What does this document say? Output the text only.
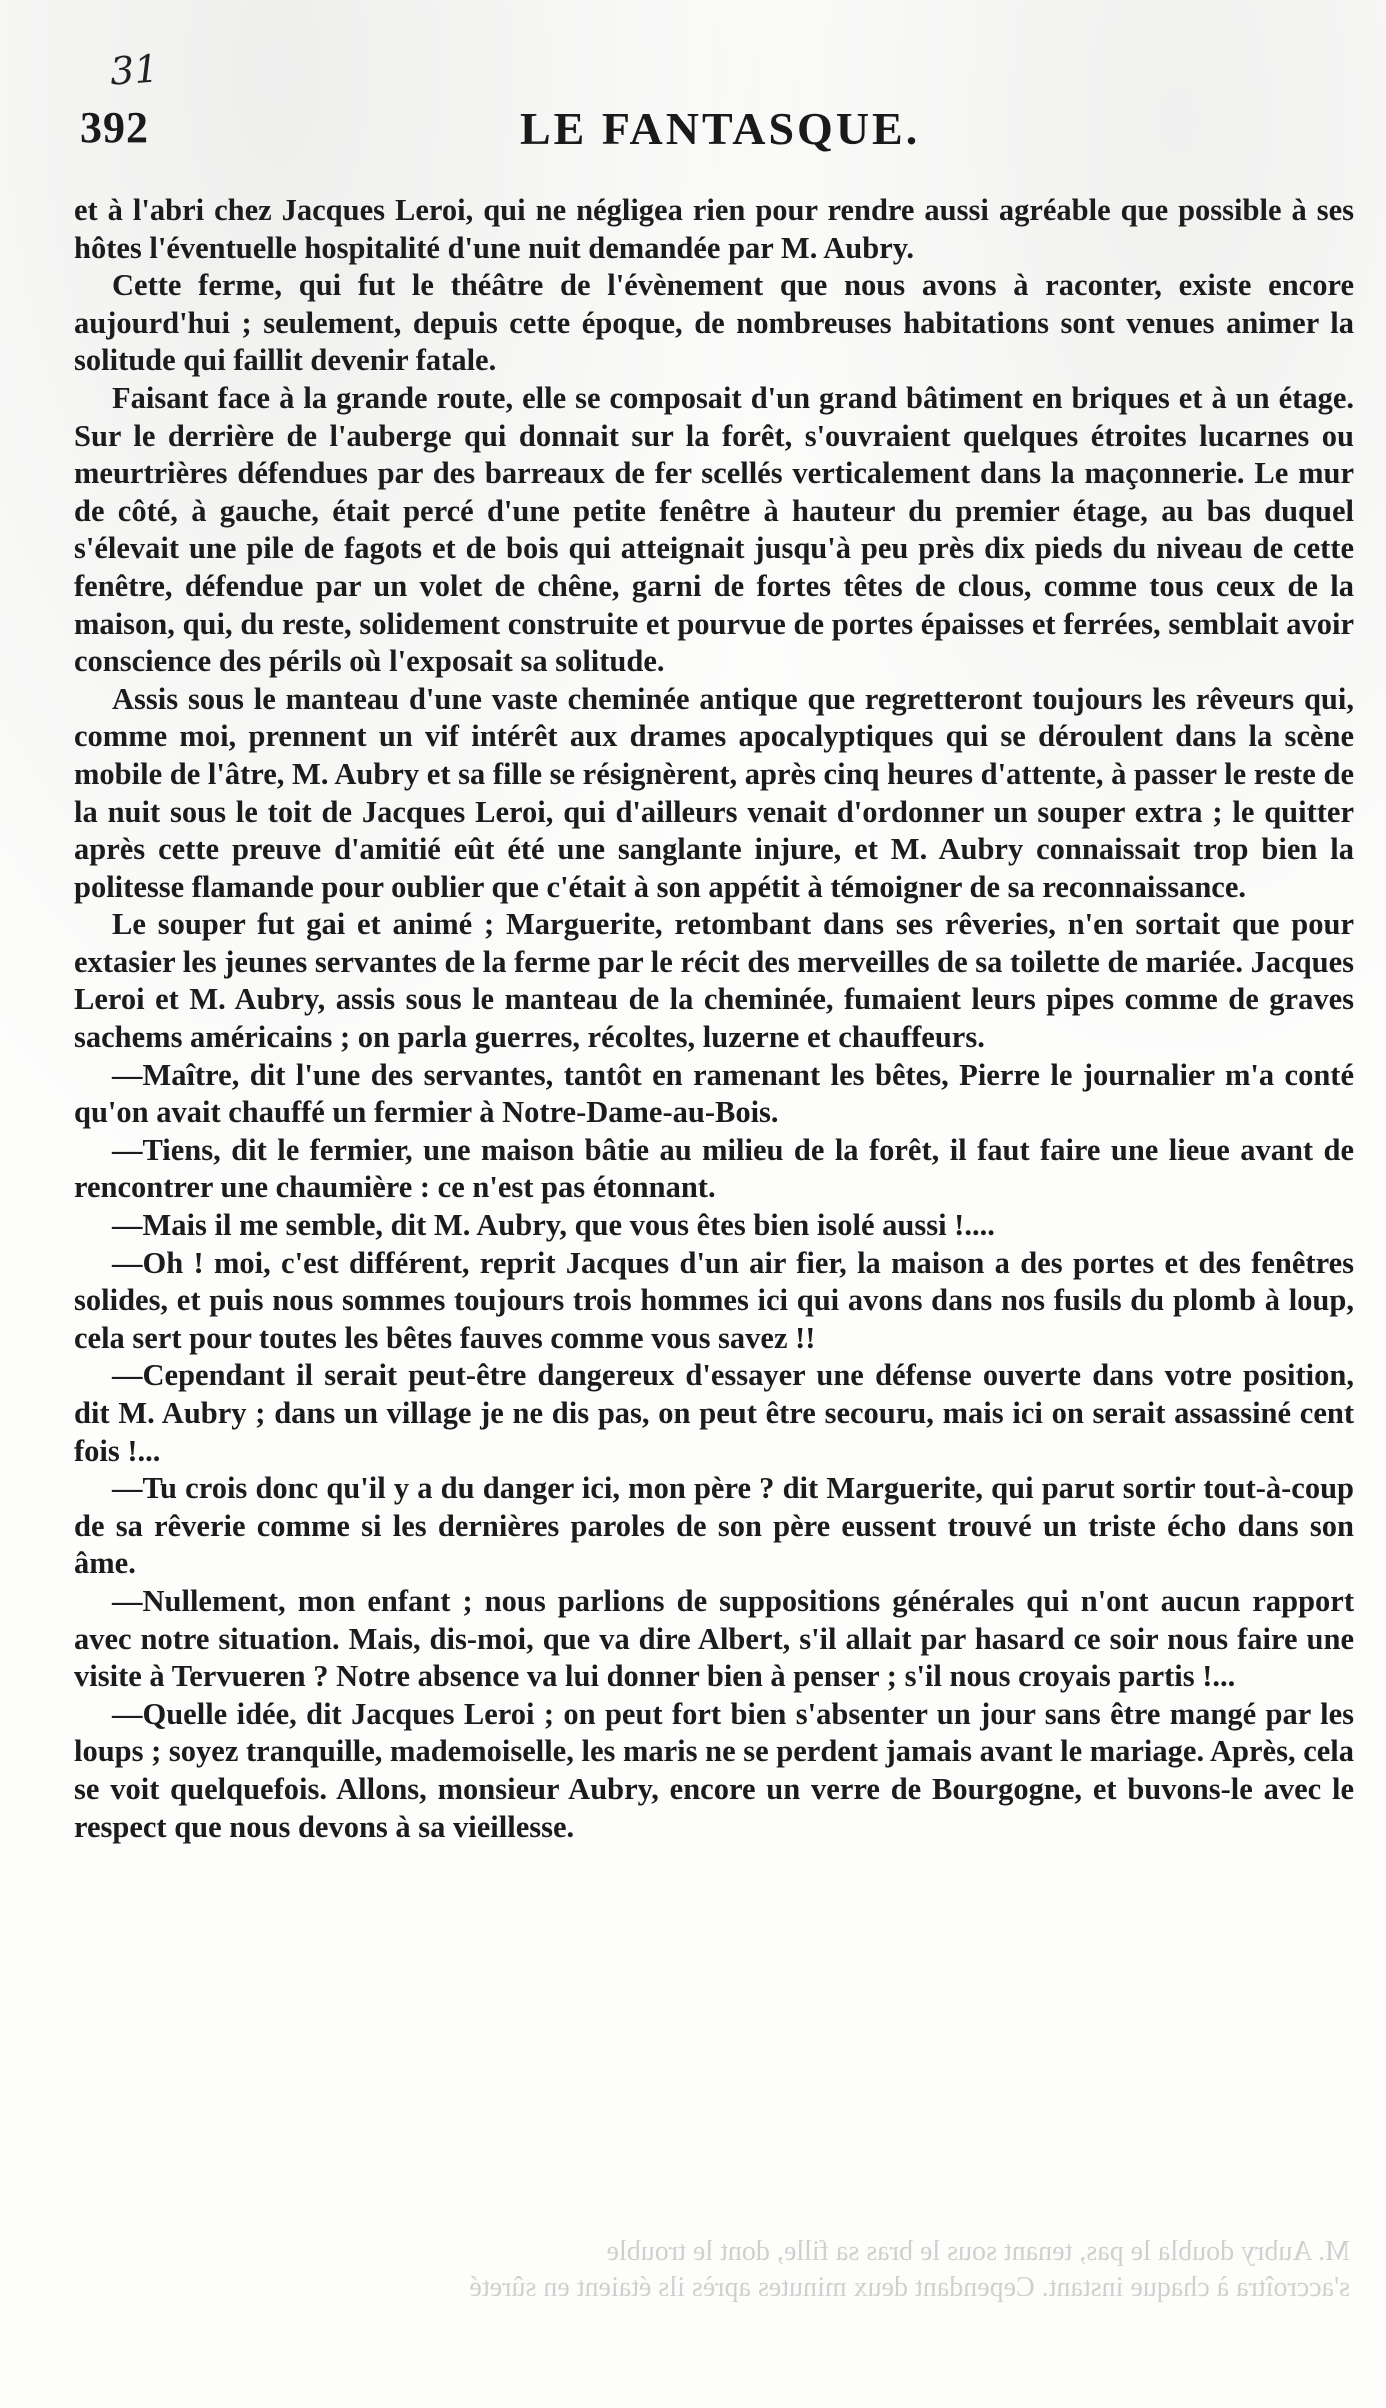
31
392	LE FANTASQUE.

et à l'abri chez Jacques Leroi, qui ne négligea rien pour rendre aussi agréable que possible à ses hôtes l'éventuelle hospitalité d'une nuit demandée par M. Aubry.

Cette ferme, qui fut le théâtre de l'évènement que nous avons à raconter, existe encore aujourd'hui ; seulement, depuis cette époque, de nombreuses habitations sont venues animer la solitude qui faillit devenir fatale.

Faisant face à la grande route, elle se composait d'un grand bâtiment en briques et à un étage. Sur le derrière de l'auberge qui donnait sur la forêt, s'ouvraient quelques étroites lucarnes ou meurtrières défendues par des barreaux de fer scellés verticalement dans la maçonnerie. Le mur de côté, à gauche, était percé d'une petite fenêtre à hauteur du premier étage, au bas duquel s'élevait une pile de fagots et de bois qui atteignait jusqu'à peu près dix pieds du niveau de cette fenêtre, défendue par un volet de chêne, garni de fortes têtes de clous, comme tous ceux de la maison, qui, du reste, solidement construite et pourvue de portes épaisses et ferrées, semblait avoir conscience des périls où l'exposait sa solitude.

Assis sous le manteau d'une vaste cheminée antique que regretteront toujours les rêveurs qui, comme moi, prennent un vif intérêt aux drames apocalyptiques qui se déroulent dans la scène mobile de l'âtre, M. Aubry et sa fille se résignèrent, après cinq heures d'attente, à passer le reste de la nuit sous le toit de Jacques Leroi, qui d'ailleurs venait d'ordonner un souper extra ; le quitter après cette preuve d'amitié eût été une sanglante injure, et M. Aubry connaissait trop bien la politesse flamande pour oublier que c'était à son appétit à témoigner de sa reconnaissance.

Le souper fut gai et animé ; Marguerite, retombant dans ses rêveries, n'en sortait que pour extasier les jeunes servantes de la ferme par le récit des merveilles de sa toilette de mariée. Jacques Leroi et M. Aubry, assis sous le manteau de la cheminée, fumaient leurs pipes comme de graves sachems américains ; on parla guerres, récoltes, luzerne et chauffeurs.

—Maître, dit l'une des servantes, tantôt en ramenant les bêtes, Pierre le journalier m'a conté qu'on avait chauffé un fermier à Notre-Dame-au-Bois.

—Tiens, dit le fermier, une maison bâtie au milieu de la forêt, il faut faire une lieue avant de rencontrer une chaumière : ce n'est pas étonnant.

—Mais il me semble, dit M. Aubry, que vous êtes bien isolé aussi !....

—Oh ! moi, c'est différent, reprit Jacques d'un air fier, la maison a des portes et des fenêtres solides, et puis nous sommes toujours trois hommes ici qui avons dans nos fusils du plomb à loup, cela sert pour toutes les bêtes fauves comme vous savez !!

—Cependant il serait peut-être dangereux d'essayer une défense ouverte dans votre position, dit M. Aubry ; dans un village je ne dis pas, on peut être secouru, mais ici on serait assassiné cent fois !...

—Tu crois donc qu'il y a du danger ici, mon père ? dit Marguerite, qui parut sortir tout-à-coup de sa rêverie comme si les dernières paroles de son père eussent trouvé un triste écho dans son âme.

—Nullement, mon enfant ; nous parlions de suppositions générales qui n'ont aucun rapport avec notre situation. Mais, dis-moi, que va dire Albert, s'il allait par hasard ce soir nous faire une visite à Tervueren ? Notre absence va lui donner bien à penser ; s'il nous croyais partis !...

—Quelle idée, dit Jacques Leroi ; on peut fort bien s'absenter un jour sans être mangé par les loups ; soyez tranquille, mademoiselle, les maris ne se perdent jamais avant le mariage. Après, cela se voit quelquefois. Allons, monsieur Aubry, encore un verre de Bourgogne, et buvons-le avec le respect que nous devons à sa vieillesse.

M. Aubry doubla le pas, tenant sous le bras sa fille, dont le trouble
s'accroîtra à chaque instant. Cependant deux minutes après ils étaient en sûreté
